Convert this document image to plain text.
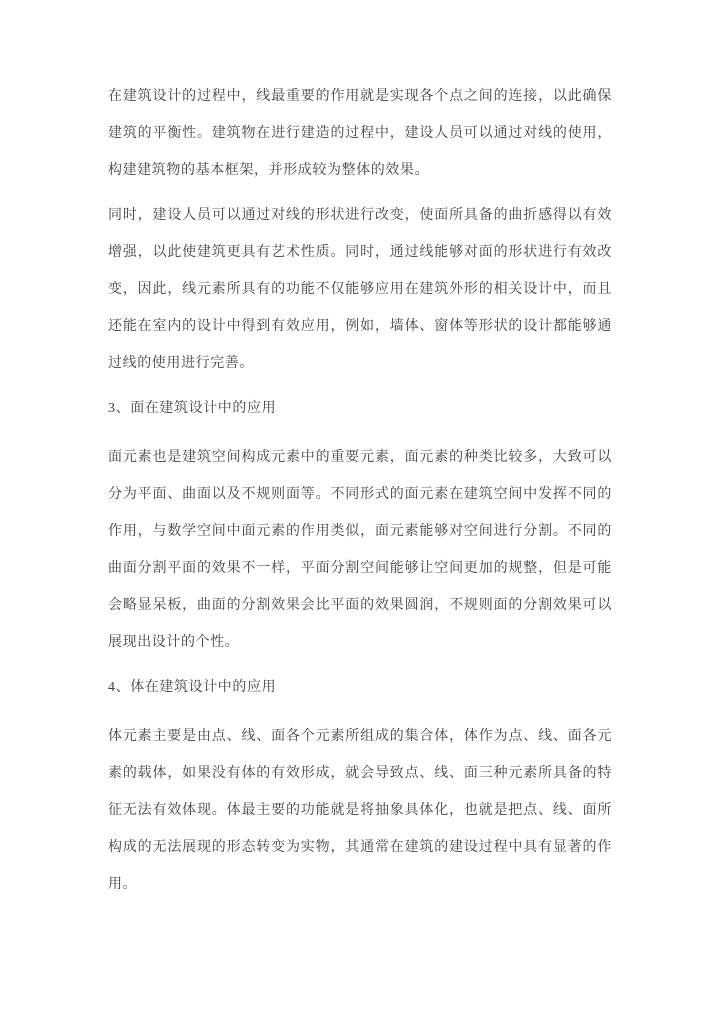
在建筑设计的过程中，线最重要的作用就是实现各个点之间的连接，以此确保建筑的平衡性。建筑物在进行建造的过程中，建设人员可以通过对线的使用，构建建筑物的基本框架，并形成较为整体的效果。

同时，建设人员可以通过对线的形状进行改变，使面所具备的曲折感得以有效增强，以此使建筑更具有艺术性质。同时，通过线能够对面的形状进行有效改变，因此，线元素所具有的功能不仅能够应用在建筑外形的相关设计中，而且还能在室内的设计中得到有效应用，例如，墙体、窗体等形状的设计都能够通过线的使用进行完善。

3、面在建筑设计中的应用

面元素也是建筑空间构成元素中的重要元素，面元素的种类比较多，大致可以分为平面、曲面以及不规则面等。不同形式的面元素在建筑空间中发挥不同的作用，与数学空间中面元素的作用类似，面元素能够对空间进行分割。不同的曲面分割平面的效果不一样，平面分割空间能够让空间更加的规整，但是可能会略显呆板，曲面的分割效果会比平面的效果圆润，不规则面的分割效果可以展现出设计的个性。

4、体在建筑设计中的应用

体元素主要是由点、线、面各个元素所组成的集合体，体作为点、线、面各元素的载体，如果没有体的有效形成，就会导致点、线、面三种元素所具备的特征无法有效体现。体最主要的功能就是将抽象具体化，也就是把点、线、面所构成的无法展现的形态转变为实物，其通常在建筑的建设过程中具有显著的作用。
